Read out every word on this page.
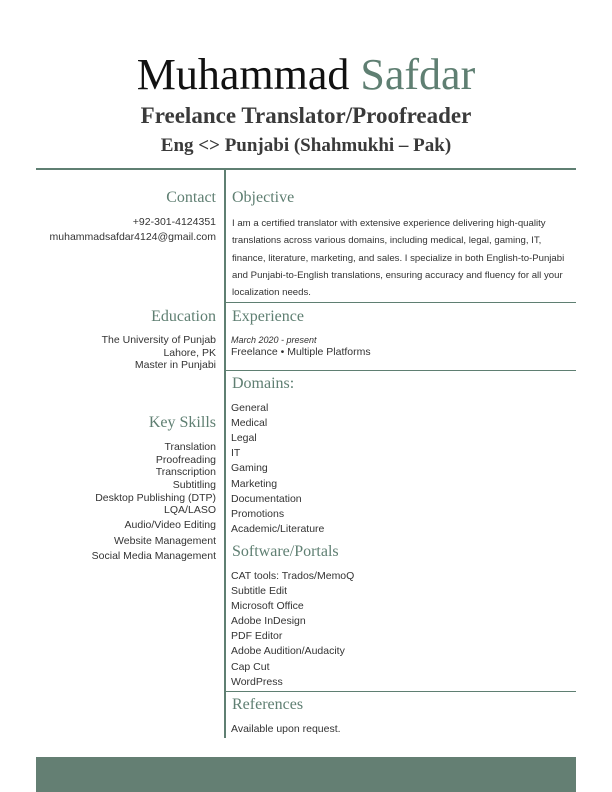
Muhammad Safdar
Freelance Translator/Proofreader
Eng <> Punjabi (Shahmukhi – Pak)
Contact
+92-301-4124351
muhammadsafdar4124@gmail.com
Education
The University of Punjab
Lahore, PK
Master in Punjabi
Key Skills
Translation
Proofreading
Transcription
Subtitling
Desktop Publishing (DTP)
LQA/LASO
Audio/Video Editing
Website Management
Social Media Management
Objective
I am a certified translator with extensive experience delivering high-quality translations across various domains, including medical, legal, gaming, IT, finance, literature, marketing, and sales. I specialize in both English-to-Punjabi and Punjabi-to-English translations, ensuring accuracy and fluency for all your localization needs.
Experience
March 2020 - present
Freelance • Multiple Platforms
Domains:
General
Medical
Legal
IT
Gaming
Marketing
Documentation
Promotions
Academic/Literature
Software/Portals
CAT tools: Trados/MemoQ
Subtitle Edit
Microsoft Office
Adobe InDesign
PDF Editor
Adobe Audition/Audacity
Cap Cut
WordPress
References
Available upon request.
